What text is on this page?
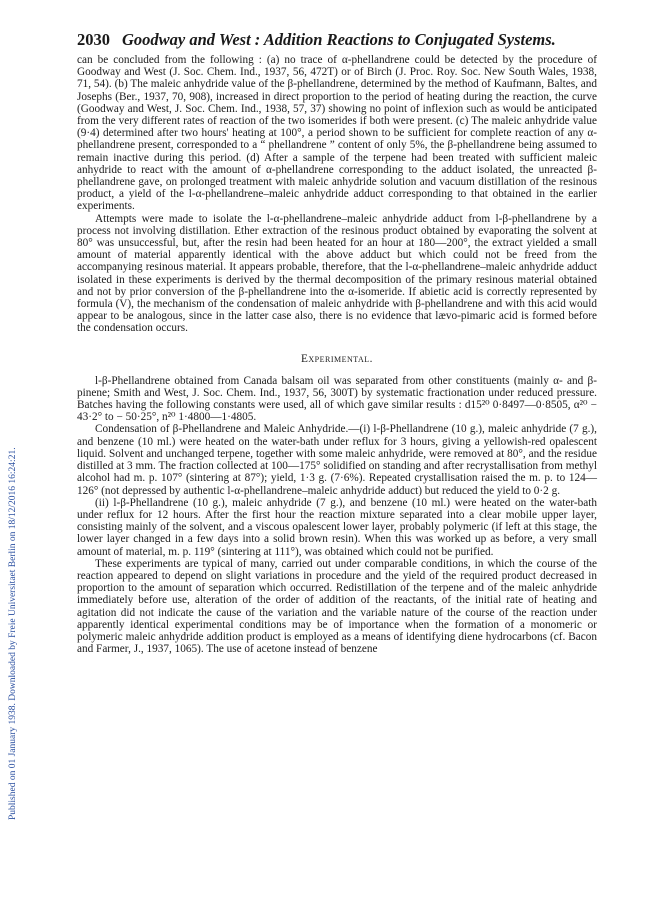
Published on 01 January 1938. Downloaded by Freie Universitaet Berlin on 18/12/2016 16:24:21.
2030 Goodway and West : Addition Reactions to Conjugated Systems.

can be concluded from the following : (a) no trace of α-phellandrene could be detected by the procedure of Goodway and West (J. Soc. Chem. Ind., 1937, 56, 472T) or of Birch (J. Proc. Roy. Soc. New South Wales, 1938, 71, 54). (b) The maleic anhydride value of the β-phellandrene, determined by the method of Kaufmann, Baltes, and Josephs (Ber., 1937, 70, 908), increased in direct proportion to the period of heating during the reaction, the curve (Goodway and West, J. Soc. Chem. Ind., 1938, 57, 37) showing no point of inflexion such as would be anticipated from the very different rates of reaction of the two isomerides if both were present. (c) The maleic anhydride value (9·4) determined after two hours' heating at 100°, a period shown to be sufficient for complete reaction of any α-phellandrene present, corresponded to a “ phellandrene ” content of only 5%, the β-phellandrene being assumed to remain inactive during this period. (d) After a sample of the terpene had been treated with sufficient maleic anhydride to react with the amount of α-phellandrene corresponding to the adduct isolated, the unreacted β-phellandrene gave, on prolonged treatment with maleic anhydride solution and vacuum distillation of the resinous product, a yield of the l-α-phellandrene–maleic anhydride adduct corresponding to that obtained in the earlier experiments.

Attempts were made to isolate the l-α-phellandrene–maleic anhydride adduct from l-β-phellandrene by a process not involving distillation. Ether extraction of the resinous product obtained by evaporating the solvent at 80° was unsuccessful, but, after the resin had been heated for an hour at 180—200°, the extract yielded a small amount of material apparently identical with the above adduct but which could not be freed from the accompanying resinous material. It appears probable, therefore, that the l-α-phellandrene–maleic anhydride adduct isolated in these experiments is derived by the thermal decomposition of the primary resinous material obtained and not by prior conversion of the β-phellandrene into the α-isomeride. If abietic acid is correctly represented by formula (V), the mechanism of the condensation of maleic anhydride with β-phellandrene and with this acid would appear to be analogous, since in the latter case also, there is no evidence that lævo-pimaric acid is formed before the condensation occurs.

Experimental.

l-β-Phellandrene obtained from Canada balsam oil was separated from other constituents (mainly α- and β-pinene; Smith and West, J. Soc. Chem. Ind., 1937, 56, 300T) by systematic fractionation under reduced pressure. Batches having the following constants were used, all of which gave similar results : d15²⁰ 0·8497—0·8505, α²⁰ − 43·2° to − 50·25°, n²⁰ 1·4800—1·4805.

Condensation of β-Phellandrene and Maleic Anhydride.—(i) l-β-Phellandrene (10 g.), maleic anhydride (7 g.), and benzene (10 ml.) were heated on the water-bath under reflux for 3 hours, giving a yellowish-red opalescent liquid. Solvent and unchanged terpene, together with some maleic anhydride, were removed at 80°, and the residue distilled at 3 mm. The fraction collected at 100—175° solidified on standing and after recrystallisation from methyl alcohol had m. p. 107° (sintering at 87°); yield, 1·3 g. (7·6%). Repeated crystallisation raised the m. p. to 124—126° (not depressed by authentic l-α-phellandrene–maleic anhydride adduct) but reduced the yield to 0·2 g.

(ii) l-β-Phellandrene (10 g.), maleic anhydride (7 g.), and benzene (10 ml.) were heated on the water-bath under reflux for 12 hours. After the first hour the reaction mixture separated into a clear mobile upper layer, consisting mainly of the solvent, and a viscous opalescent lower layer, probably polymeric (if left at this stage, the lower layer changed in a few days into a solid brown resin). When this was worked up as before, a very small amount of material, m. p. 119° (sintering at 111°), was obtained which could not be purified.

These experiments are typical of many, carried out under comparable conditions, in which the course of the reaction appeared to depend on slight variations in procedure and the yield of the required product decreased in proportion to the amount of separation which occurred. Redistillation of the terpene and of the maleic anhydride immediately before use, alteration of the order of addition of the reactants, of the initial rate of heating and agitation did not indicate the cause of the variation and the variable nature of the course of the reaction under apparently identical experimental conditions may be of importance when the formation of a monomeric or polymeric maleic anhydride addition product is employed as a means of identifying diene hydrocarbons (cf. Bacon and Farmer, J., 1937, 1065). The use of acetone instead of benzene
